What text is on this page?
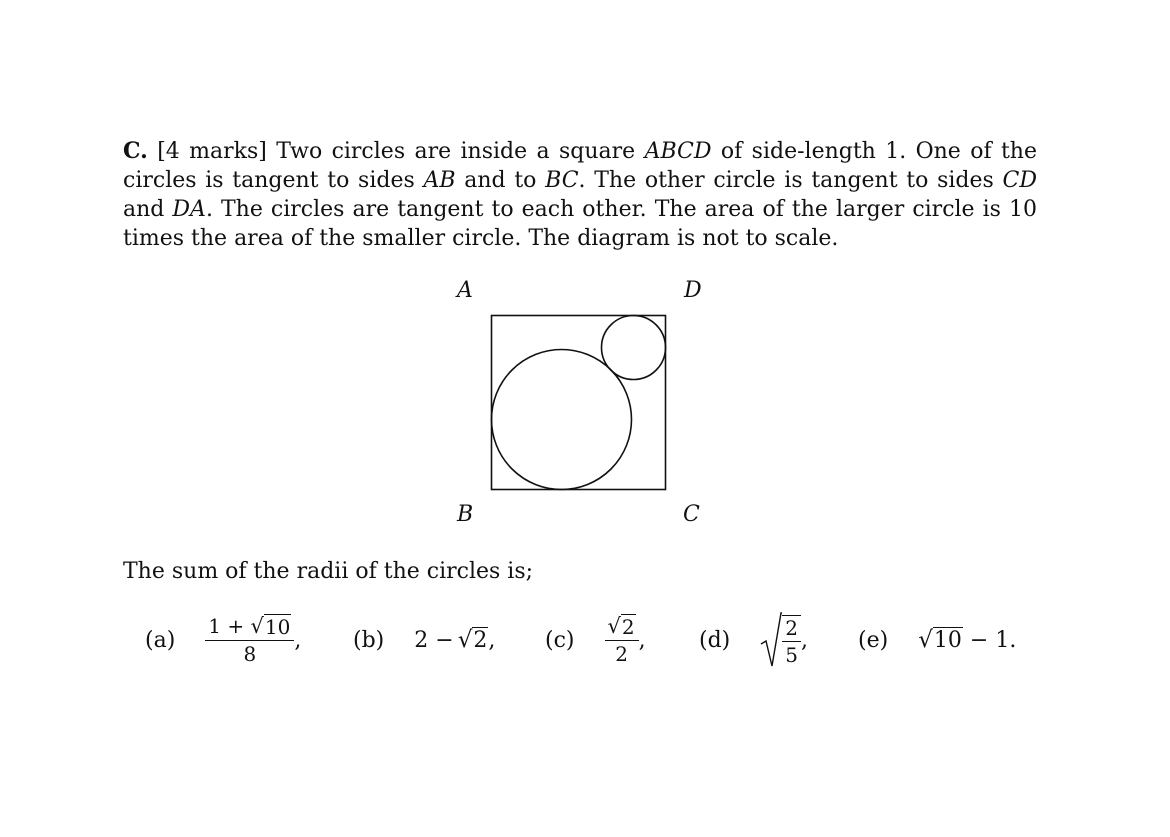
C. [4 marks] Two circles are inside a square ABCD of side-length 1. One of the circles is tangent to sides AB and to BC. The other circle is tangent to sides CD and DA. The circles are tangent to each other. The area of the larger circle is 10 times the area of the smaller circle. The diagram is not to scale.
A	D
B	C
The sum of the radii of the circles is;
$(a) \frac{1 + √ 10}{8}$ , (b) 2 − √ 2 , $(c) \frac{√ 2}{2}$ , (d)	$\frac{2}{5}$ , (e) √ 10 − 1.
